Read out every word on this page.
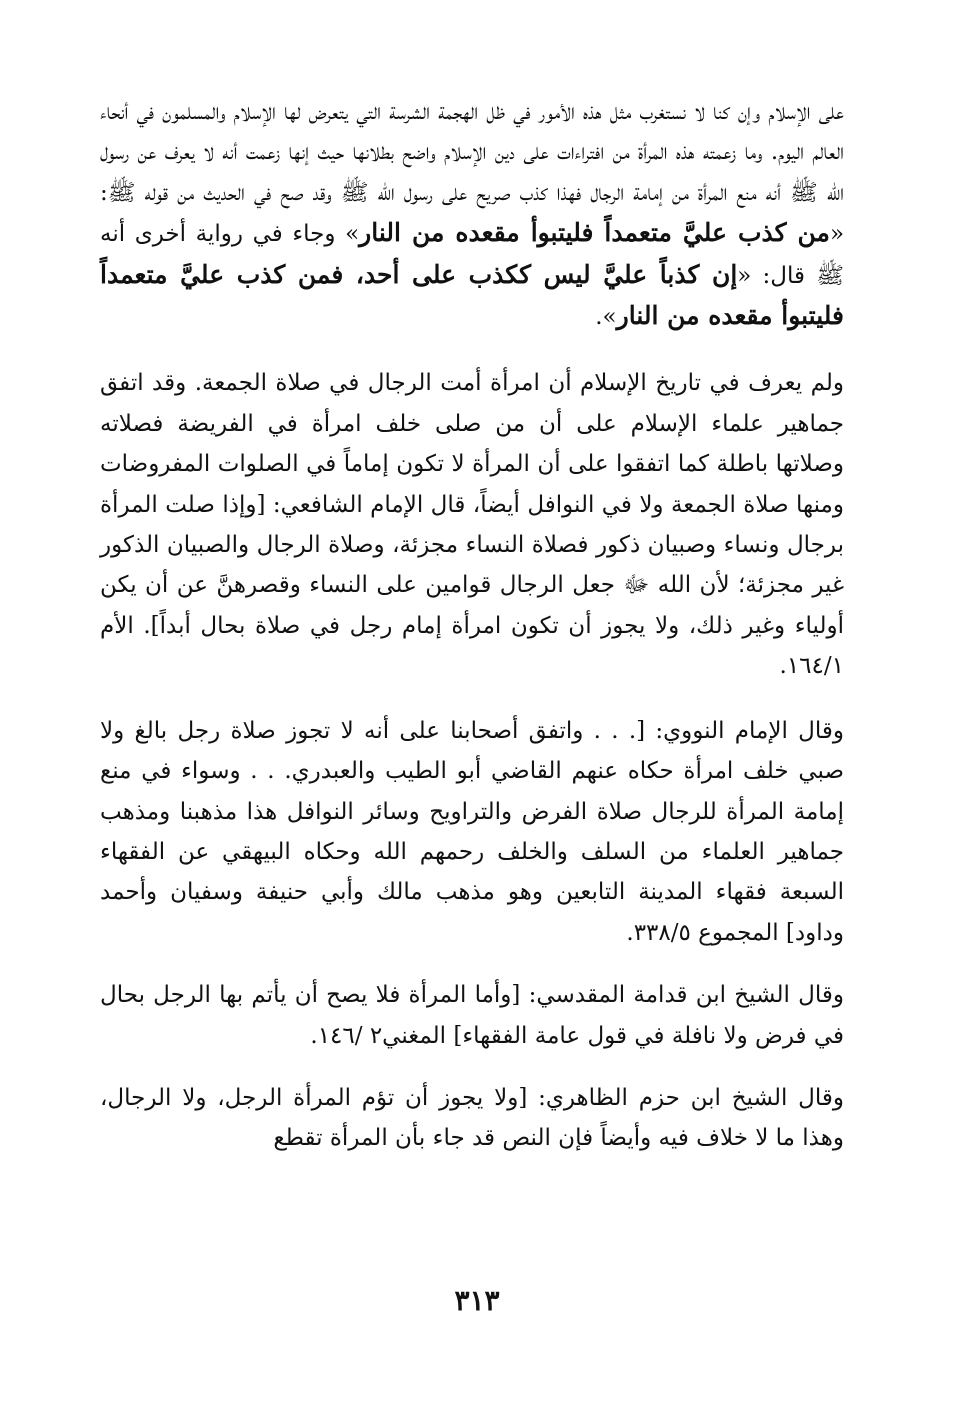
على الإسلام وإن كنا لا نستغرب مثل هذه الأمور في ظل الهجمة الشرسة التي يتعرض لها الإسلام والمسلمون في أنحاء العالم اليوم. وما زعمته هذه المرأة من افتراءات على دين الإسلام واضح بطلانها حيث إنها زعمت أنه لا يعرف عن رسول الله ﷺ أنه منع المرأة من إمامة الرجال فهذا كذب صريح على رسول الله ﷺ وقد صح في الحديث من قوله ﷺ: «من كذب عليَّ متعمداً فليتبوأ مقعده من النار» وجاء في رواية أخرى أنه ﷺ قال: «إن كذباً عليَّ ليس ككذب على أحد، فمن كذب عليَّ متعمداً فليتبوأ مقعده من النار».

ولم يعرف في تاريخ الإسلام أن امرأة أمت الرجال في صلاة الجمعة. وقد اتفق جماهير علماء الإسلام على أن من صلى خلف امرأة في الفريضة فصلاته وصلاتها باطلة كما اتفقوا على أن المرأة لا تكون إماماً في الصلوات المفروضات ومنها صلاة الجمعة ولا في النوافل أيضاً، قال الإمام الشافعي: [وإذا صلت المرأة برجال ونساء وصبيان ذكور فصلاة النساء مجزئة، وصلاة الرجال والصبيان الذكور غير مجزئة؛ لأن الله ﷻ جعل الرجال قوامين على النساء وقصرهنَّ عن أن يكن أولياء وغير ذلك، ولا يجوز أن تكون امرأة إمام رجل في صلاة بحال أبداً]. الأم ١٦٤/١.

وقال الإمام النووي: [. . . واتفق أصحابنا على أنه لا تجوز صلاة رجل بالغ ولا صبي خلف امرأة حكاه عنهم القاضي أبو الطيب والعبدري. . . وسواء في منع إمامة المرأة للرجال صلاة الفرض والتراويح وسائر النوافل هذا مذهبنا ومذهب جماهير العلماء من السلف والخلف رحمهم الله وحكاه البيهقي عن الفقهاء السبعة فقهاء المدينة التابعين وهو مذهب مالك وأبي حنيفة وسفيان وأحمد وداود] المجموع ٣٣٨/٥.

وقال الشيخ ابن قدامة المقدسي: [وأما المرأة فلا يصح أن يأتم بها الرجل بحال في فرض ولا نافلة في قول عامة الفقهاء] المغني٢ /١٤٦.

وقال الشيخ ابن حزم الظاهري: [ولا يجوز أن تؤم المرأة الرجل، ولا الرجال، وهذا ما لا خلاف فيه وأيضاً فإن النص قد جاء بأن المرأة تقطع

٣١٣
